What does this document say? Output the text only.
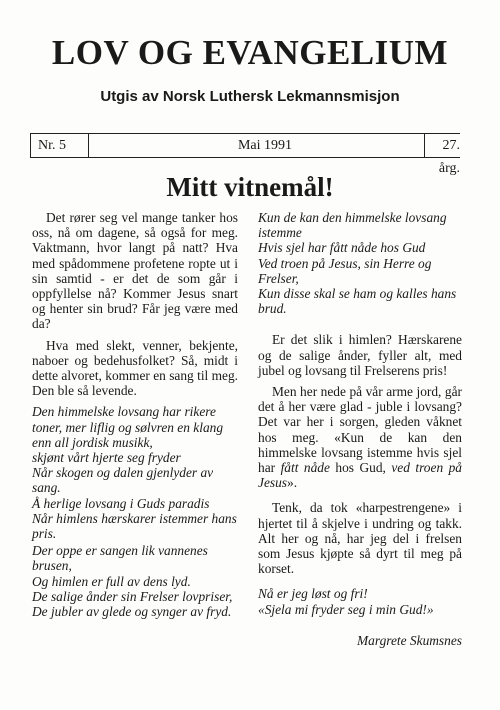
LOV OG EVANGELIUM
Utgis av Norsk Luthersk Lekmannsmisjon
Nr. 5	Mai 1991	27. årg.
Mitt vitnemål!

Det rører seg vel mange tanker hos oss, nå om dagene, så også for meg. Vaktmann, hvor langt på natt? Hva med spådommene profetene ropte ut i sin samtid - er det de som går i oppfyllelse nå? Kommer Jesus snart og henter sin brud? Får jeg være med da?

Hva med slekt, venner, bekjente, naboer og bedehusfolket? Så, midt i dette alvoret, kommer en sang til meg. Den ble så levende.

Den himmelske lovsang har rikere toner, mer liflig og sølvren en klang enn all jordisk musikk,
skjønt vårt hjerte seg fryder
Når skogen og dalen gjenlyder av sang.
Å herlige lovsang i Guds paradis
Når himlens hærskarer istemmer hans pris.
Der oppe er sangen lik vannenes brusen,
Og himlen er full av dens lyd.
De salige ånder sin Frelser lovpriser,
De jubler av glede og synger av fryd.
Kun de kan den himmelske lovsang istemme
Hvis sjel har fått nåde hos Gud
Ved troen på Jesus, sin Herre og Frelser,
Kun disse skal se ham og kalles hans brud.

Er det slik i himlen? Hærskarene og de salige ånder, fyller alt, med jubel og lovsang til Frelserens pris!

Men her nede på vår arme jord, går det å her være glad - juble i lovsang? Det var her i sorgen, gleden våknet hos meg. «Kun de kan den himmelske lovsang istemme hvis sjel har fått nåde hos Gud, ved troen på Jesus».

Tenk, da tok «harpestrengene» i hjertet til å skjelve i undring og takk. Alt her og nå, har jeg del i frelsen som Jesus kjøpte så dyrt til meg på korset.

Nå er jeg løst og fri!
«Sjela mi fryder seg i min Gud!»
Margrete Skumsnes
